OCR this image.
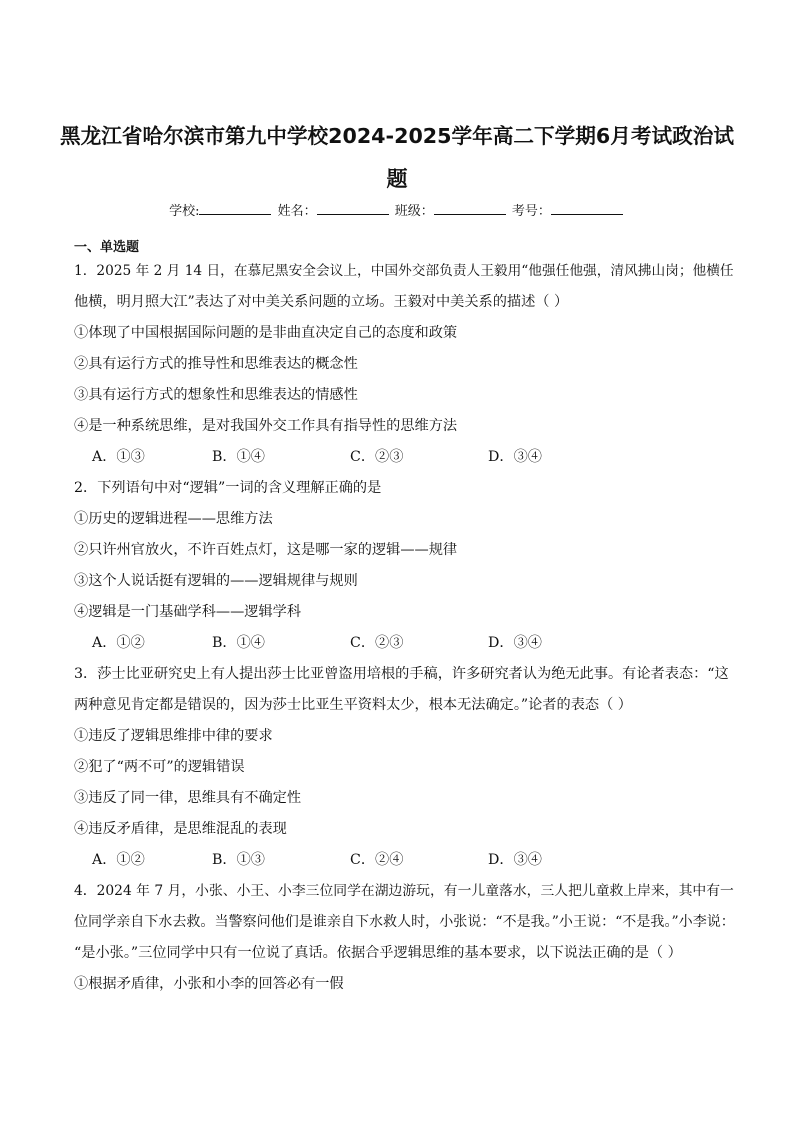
黑龙江省哈尔滨市第九中学校2024-2025学年高二下学期6月考试政治试
题
学校:	姓名：	班级：	考号：
一、单选题
1．2025 年 2 月 14 日，在慕尼黑安全会议上，中国外交部负责人王毅用“他强任他强，清风拂山岗；他横任
他横，明月照大江”表达了对中美关系问题的立场。王毅对中美关系的描述（ ）
①体现了中国根据国际问题的是非曲直决定自己的态度和政策
②具有运行方式的推导性和思维表达的概念性
③具有运行方式的想象性和思维表达的情感性
④是一种系统思维，是对我国外交工作具有指导性的思维方法
A．①③	B．①④	C．②③	D．③④
2．下列语句中对“逻辑”一词的含义理解正确的是
①历史的逻辑进程——思维方法
②只许州官放火，不许百姓点灯，这是哪一家的逻辑——规律
③这个人说话挺有逻辑的——逻辑规律与规则
④逻辑是一门基础学科——逻辑学科
A．①②	B．①④	C．②③	D．③④
3．莎士比亚研究史上有人提出莎士比亚曾盗用培根的手稿，许多研究者认为绝无此事。有论者表态：“这
两种意见肯定都是错误的，因为莎士比亚生平资料太少，根本无法确定。”论者的表态（ ）
①违反了逻辑思维排中律的要求
②犯了“两不可”的逻辑错误
③违反了同一律，思维具有不确定性
④违反矛盾律，是思维混乱的表现
A．①②	B．①③	C．②④	D．③④
4．2024 年 7 月，小张、小王、小李三位同学在湖边游玩，有一儿童落水，三人把儿童救上岸来，其中有一
位同学亲自下水去救。当警察问他们是谁亲自下水救人时，小张说：“不是我。”小王说：“不是我。”小李说：
“是小张。”三位同学中只有一位说了真话。依据合乎逻辑思维的基本要求，以下说法正确的是（ ）
①根据矛盾律，小张和小李的回答必有一假
